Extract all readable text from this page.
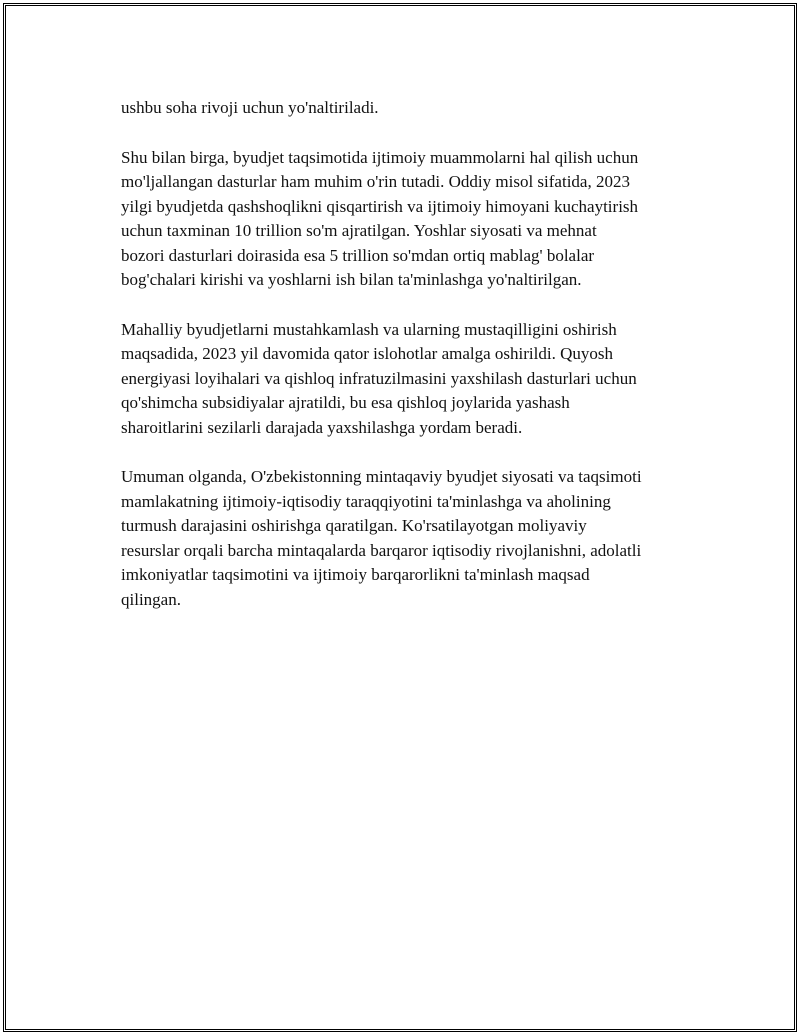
ushbu soha rivoji uchun yo'naltiriladi.

Shu bilan birga, byudjet taqsimotida ijtimoiy muammolarni hal qilish uchun
mo'ljallangan dasturlar ham muhim o'rin tutadi. Oddiy misol sifatida, 2023
yilgi byudjetda qashshoqlikni qisqartirish va ijtimoiy himoyani kuchaytirish
uchun taxminan 10 trillion so'm ajratilgan. Yoshlar siyosati va mehnat
bozori dasturlari doirasida esa 5 trillion so'mdan ortiq mablag' bolalar
bog'chalari kirishi va yoshlarni ish bilan ta'minlashga yo'naltirilgan.

Mahalliy byudjetlarni mustahkamlash va ularning mustaqilligini oshirish
maqsadida, 2023 yil davomida qator islohotlar amalga oshirildi. Quyosh
energiyasi loyihalari va qishloq infratuzilmasini yaxshilash dasturlari uchun
qo'shimcha subsidiyalar ajratildi, bu esa qishloq joylarida yashash
sharoitlarini sezilarli darajada yaxshilashga yordam beradi.

Umuman olganda, O'zbekistonning mintaqaviy byudjet siyosati va taqsimoti
mamlakatning ijtimoiy-iqtisodiy taraqqiyotini ta'minlashga va aholining
turmush darajasini oshirishga qaratilgan. Ko'rsatilayotgan moliyaviy
resurslar orqali barcha mintaqalarda barqaror iqtisodiy rivojlanishni, adolatli
imkoniyatlar taqsimotini va ijtimoiy barqarorlikni ta'minlash maqsad
qilingan.
